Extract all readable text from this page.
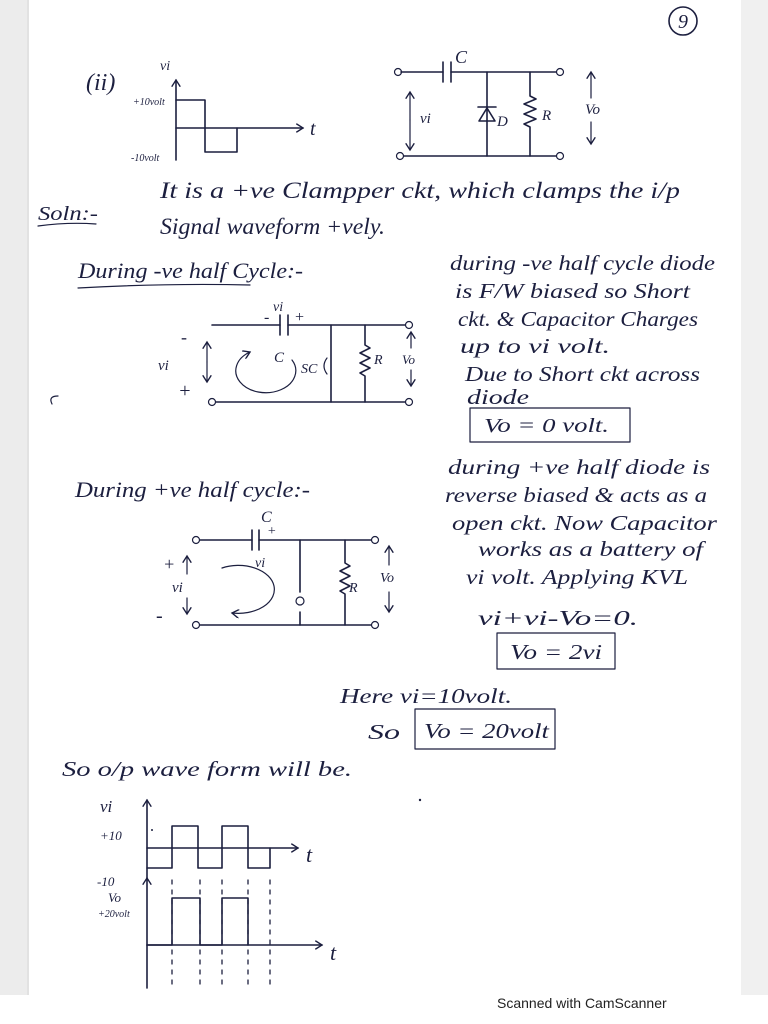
9
(ii)
vi
t
+10volt
-10volt
C
vi	D R Vo
Soln:-
It is a +ve Clampper ckt, which clamps the i/p
Signal waveform +vely.
During -ve half Cycle:-
vi
- +
-
vi
+
C
SC
R Vo
during -ve half cycle diode
is F/W biased so Short
ckt. & Capacitor Charges
up to vi volt.
Due to Short ckt across
diode
Vo = 0 volt.
During +ve half cycle:-
C
+
vi
+
vi
-
R
Vo
during +ve half diode is
reverse biased & acts as a
open ckt. Now Capacitor
works as a battery of
vi volt. Applying KVL
vi+vi-Vo=0.
Vo = 2vi
Here vi=10volt.
So Vo = 20volt
So o/p wave form will be.
vi
t
+10
-10
Vo
+20volt
t
Scanned with CamScanner
